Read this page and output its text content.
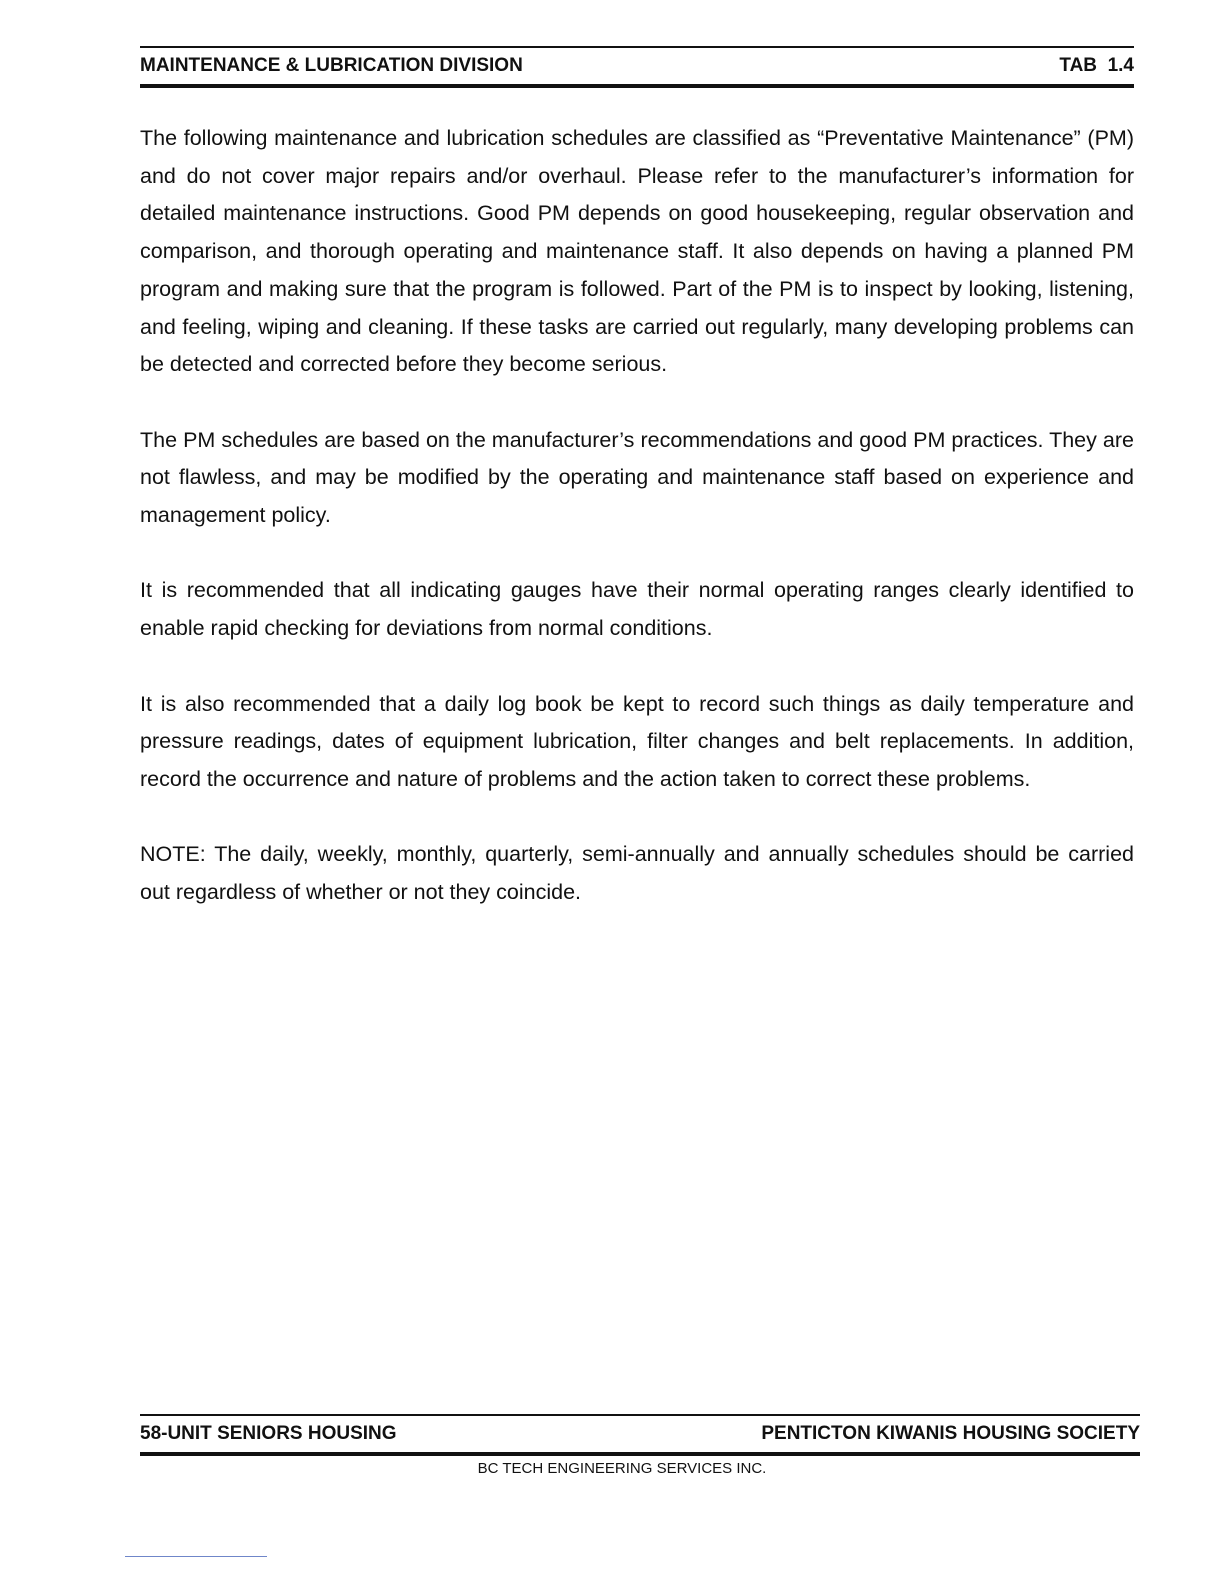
MAINTENANCE & LUBRICATION DIVISION	TAB  1.4

The following maintenance and lubrication schedules are classified as “Preventative Maintenance” (PM) and do not cover major repairs and/or overhaul. Please refer to the manufacturer’s information for detailed maintenance instructions. Good PM depends on good housekeeping, regular observation and comparison, and thorough operating and maintenance staff. It also depends on having a planned PM program and making sure that the program is followed. Part of the PM is to inspect by looking, listening, and feeling, wiping and cleaning. If these tasks are carried out regularly, many developing problems can be detected and corrected before they become serious.

The PM schedules are based on the manufacturer’s recommendations and good PM practices. They are not flawless, and may be modified by the operating and maintenance staff based on experience and management policy.

It is recommended that all indicating gauges have their normal operating ranges clearly identified to enable rapid checking for deviations from normal conditions.

It is also recommended that a daily log book be kept to record such things as daily temperature and pressure readings, dates of equipment lubrication, filter changes and belt replacements. In addition, record the occurrence and nature of problems and the action taken to correct these problems.

NOTE: The daily, weekly, monthly, quarterly, semi-annually and annually schedules should be carried out regardless of whether or not they coincide.

58-UNIT SENIORS HOUSING	PENTICTON KIWANIS HOUSING SOCIETY
BC TECH ENGINEERING SERVICES INC.
